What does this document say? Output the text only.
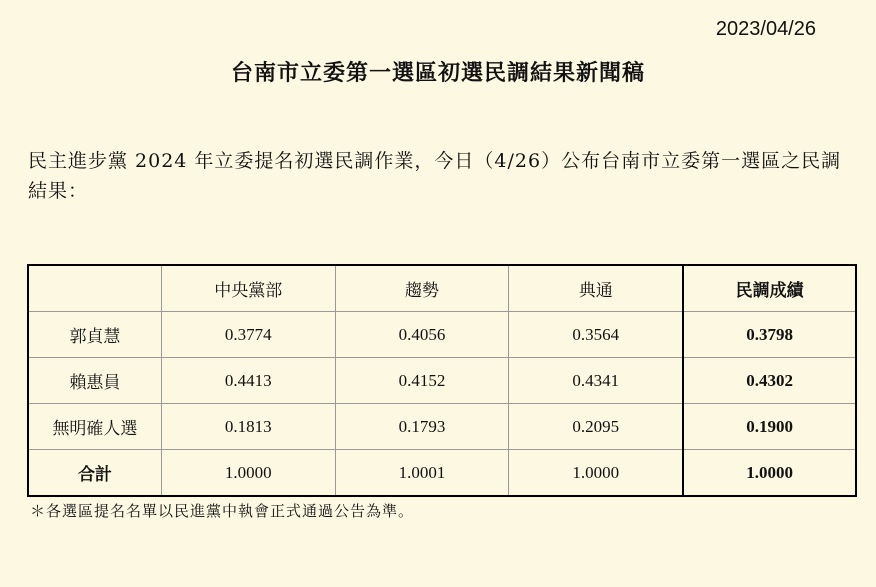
2023/04/26
台南市立委第一選區初選民調結果新聞稿
民主進步黨 2024 年立委提名初選民調作業，今日（4/26）公布台南市立委第一選區之民調結果：
	中央黨部	趨勢	典通	民調成績
郭貞慧	0.3774	0.4056	0.3564	0.3798
賴惠員	0.4413	0.4152	0.4341	0.4302
無明確人選	0.1813	0.1793	0.2095	0.1900
合計	1.0000	1.0001	1.0000	1.0000
＊各選區提名名單以民進黨中執會正式通過公告為準。
